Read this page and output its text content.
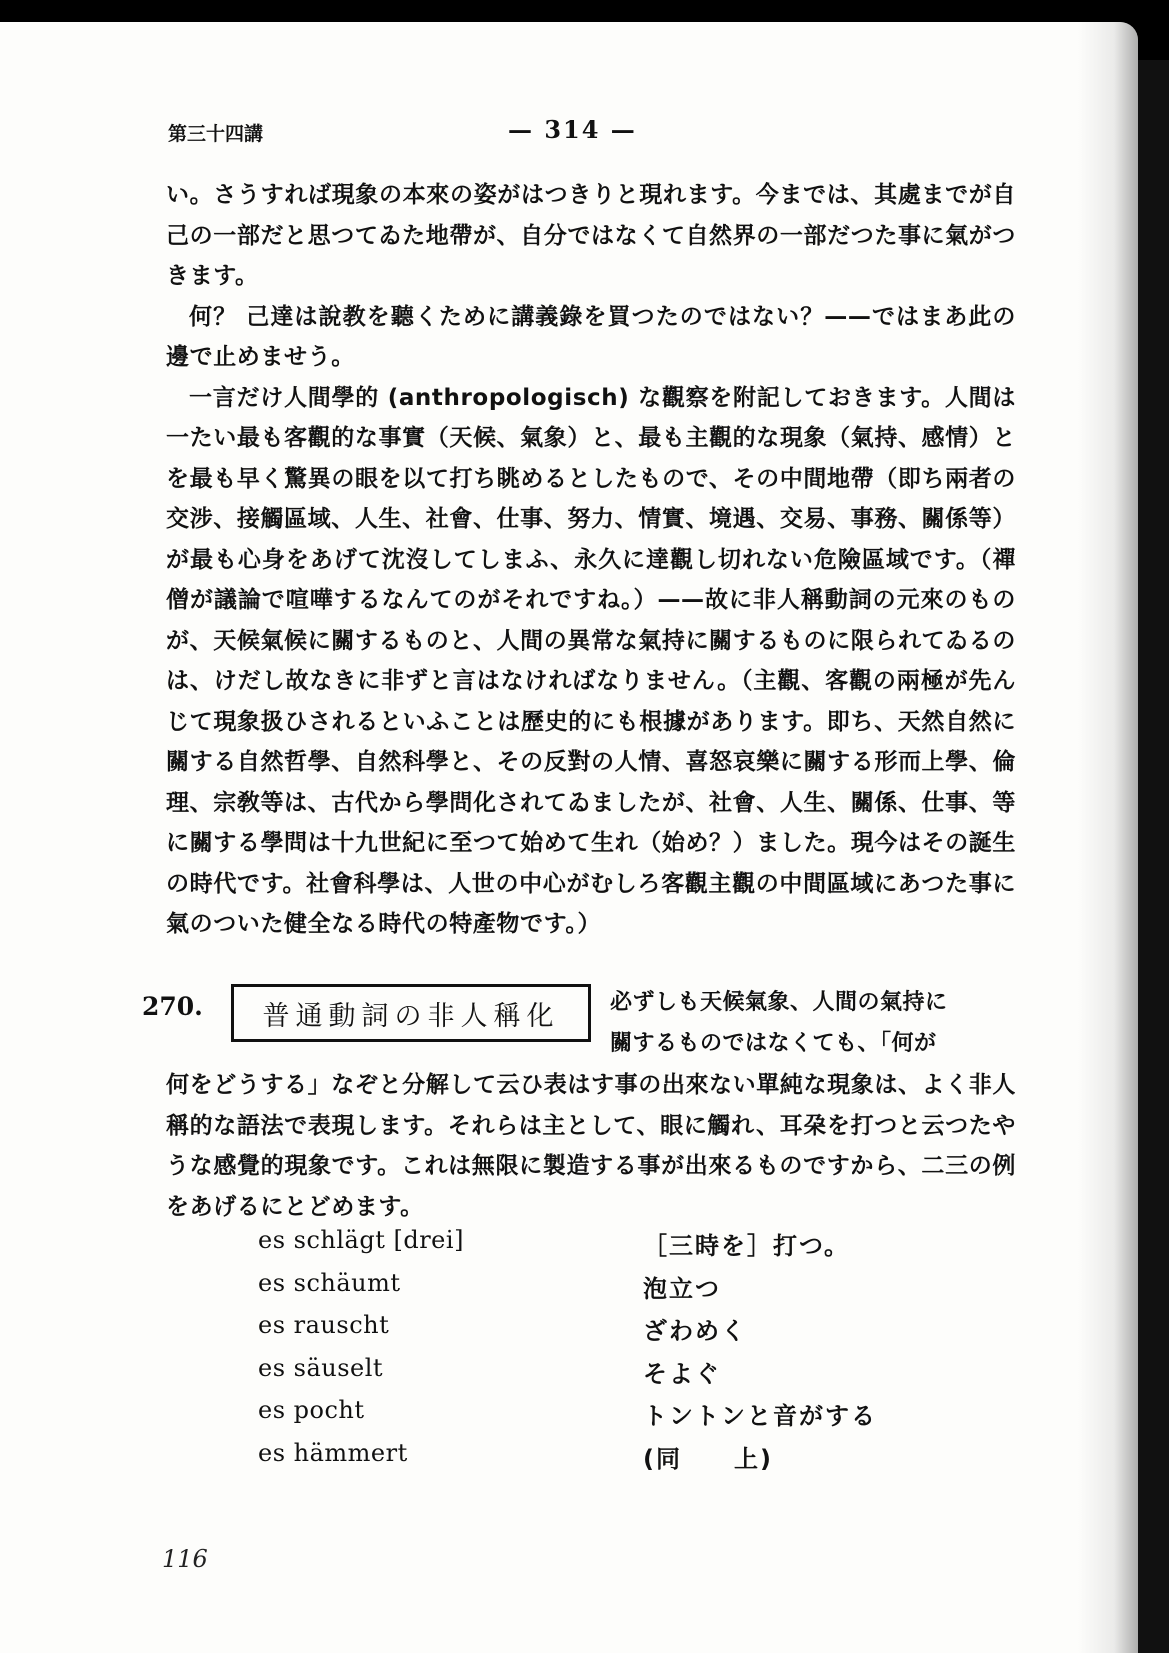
第三十四講	— 314 —

い。さうすれば現象の本來の姿がはつきりと現れます。今までは、其處までが自己の一部だと思つてゐた地帶が、自分ではなくて自然界の一部だつた事に氣がつきます。

何？ 己達は說教を聽くために講義錄を買つたのではない？——ではまあ此の邊で止めませう。

一言だけ人間學的 (anthropologisch) な觀察を附記しておきます。人間は一たい最も客觀的な事實（天候、氣象）と、最も主觀的な現象（氣持、感情）とを最も早く驚異の眼を以て打ち眺めるとしたもので、その中間地帶（即ち兩者の交涉、接觸區域、人生、社會、仕事、努力、情實、境遇、交易、事務、關係等）が最も心身をあげて沈沒してしまふ、永久に達觀し切れない危險區域です。（禪僧が議論で喧嘩するなんてのがそれですね。）——故に非人稱動詞の元來のものが、天候氣候に關するものと、人間の異常な氣持に關するものに限られてゐるのは、けだし故なきに非ずと言はなければなりません。（主觀、客觀の兩極が先んじて現象扱ひされるといふことは歷史的にも根據があります。即ち、天然自然に關する自然哲學、自然科學と、その反對の人情、喜怒哀樂に關する形而上學、倫理、宗敎等は、古代から學問化されてゐましたが、社會、人生、關係、仕事、等に關する學問は十九世紀に至つて始めて生れ（始め？）ました。現今はその誕生の時代です。社會科學は、人世の中心がむしろ客觀主觀の中間區域にあつた事に氣のついた健全なる時代の特產物です。）

270. 普通動詞の非人稱化 必ずしも天候氣象、人間の氣持に
關するものではなくても、「何が

何をどうする」なぞと分解して云ひ表はす事の出來ない單純な現象は、よく非人稱的な語法で表現します。それらは主として、眼に觸れ、耳朶を打つと云つたやうな感覺的現象です。これは無限に製造する事が出來るものですから、二三の例をあげるにとどめます。

es schlägt [drei]	［三時を］打つ。
es schäumt	泡立つ
es rauscht	ざわめく
es säuselt	そよぐ
es pocht	トントンと音がする
es hämmert	(同　　上)
116
